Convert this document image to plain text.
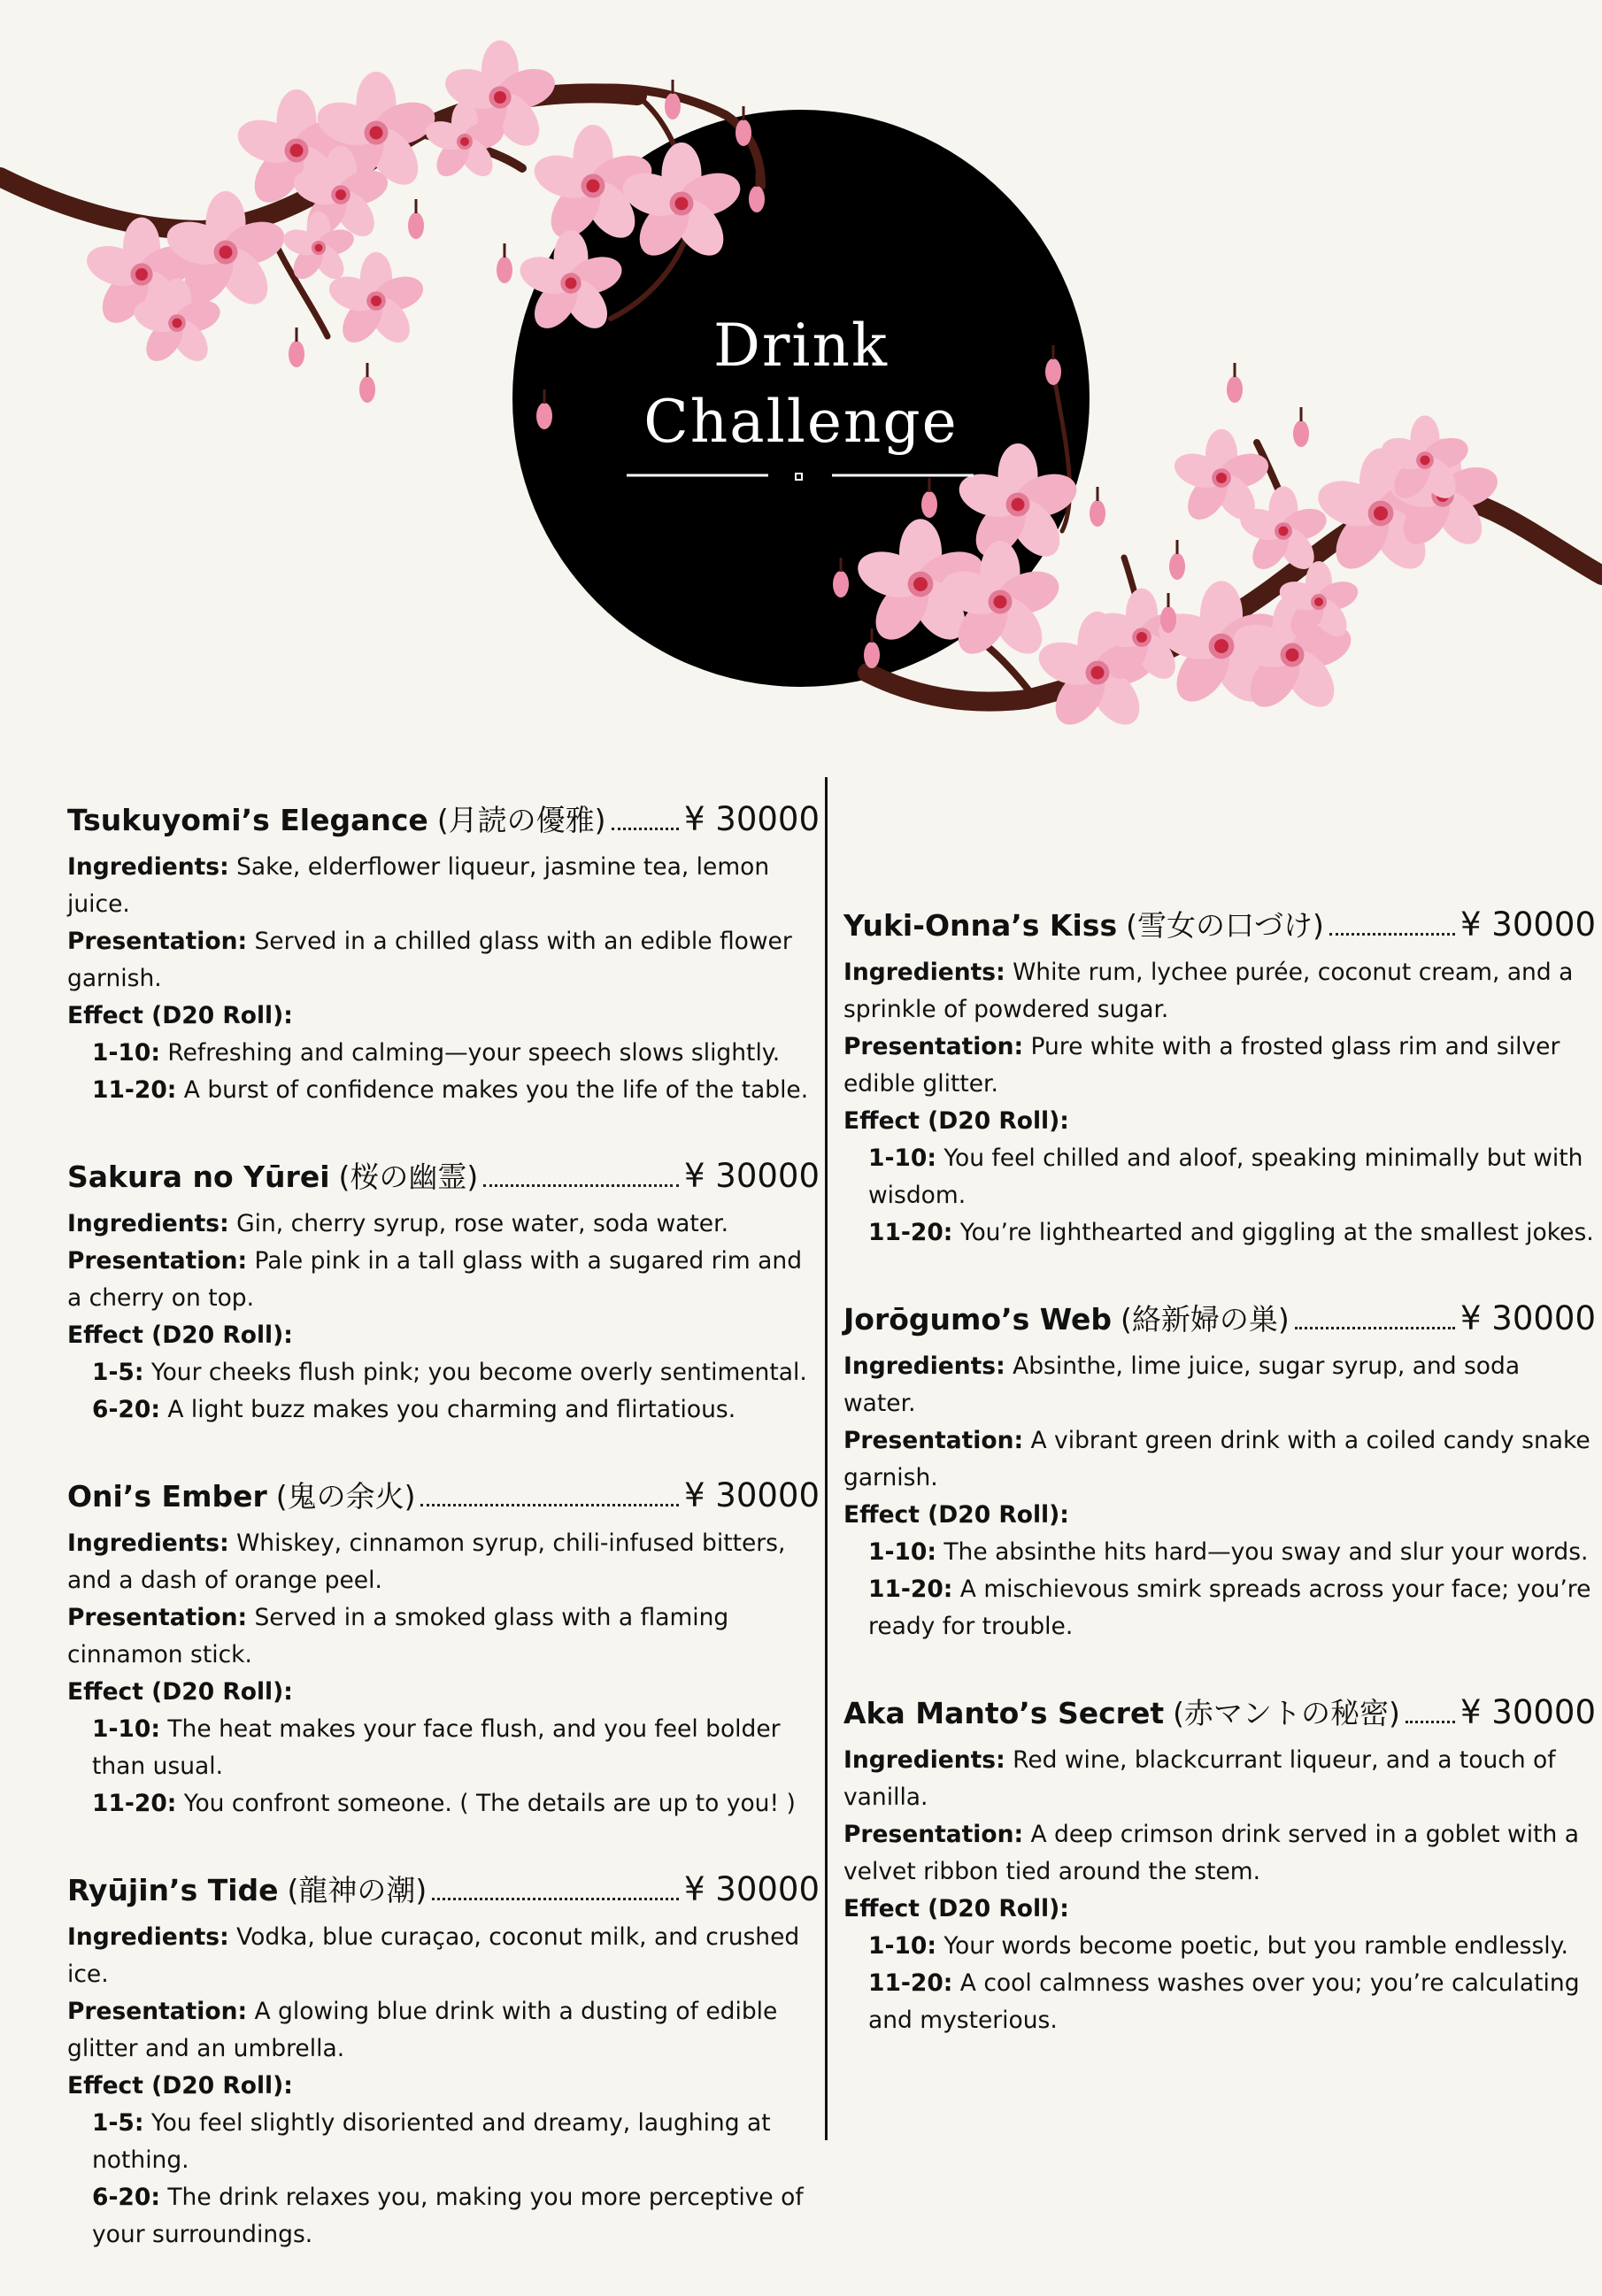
Drink
Challenge
Tsukuyomi’s Elegance (月読の優雅) ¥ 30000
Ingredients: Sake, elderflower liqueur, jasmine tea, lemon juice.
Presentation: Served in a chilled glass with an edible flower garnish.
Effect (D20 Roll):
1-10: Refreshing and calming—your speech slows slightly.
11-20: A burst of confidence makes you the life of the table.
Sakura no Yūrei (桜の幽霊)	¥ 30000
Ingredients: Gin, cherry syrup, rose water, soda water.
Presentation: Pale pink in a tall glass with a sugared rim and a cherry on top.
Effect (D20 Roll):
1-5: Your cheeks flush pink; you become overly sentimental.
6-20: A light buzz makes you charming and flirtatious.
Oni’s Ember (鬼の余火)	¥ 30000
Ingredients: Whiskey, cinnamon syrup, chili-infused bitters, and a dash of orange peel.
Presentation: Served in a smoked glass with a flaming cinnamon stick.
Effect (D20 Roll):
1-10: The heat makes your face flush, and you feel bolder than usual.
11-20: You confront someone. ( The details are up to you! )
Ryūjin’s Tide (龍神の潮)	¥ 30000
Ingredients: Vodka, blue curaçao, coconut milk, and crushed ice.
Presentation: A glowing blue drink with a dusting of edible glitter and an umbrella.
Effect (D20 Roll):
1-5: You feel slightly disoriented and dreamy, laughing at nothing.
6-20: The drink relaxes you, making you more perceptive of your surroundings.
Yuki-Onna’s Kiss (雪女の口づけ)	¥ 30000
Ingredients: White rum, lychee purée, coconut cream, and a sprinkle of powdered sugar.
Presentation: Pure white with a frosted glass rim and silver edible glitter.
Effect (D20 Roll):
1-10: You feel chilled and aloof, speaking minimally but with wisdom.
11-20: You’re lighthearted and giggling at the smallest jokes.
Jorōgumo’s Web (絡新婦の巣)	¥ 30000
Ingredients: Absinthe, lime juice, sugar syrup, and soda water.
Presentation: A vibrant green drink with a coiled candy snake garnish.
Effect (D20 Roll):
1-10: The absinthe hits hard—you sway and slur your words.
11-20: A mischievous smirk spreads across your face; you’re ready for trouble.
Aka Manto’s Secret (赤マントの秘密) ¥ 30000
Ingredients: Red wine, blackcurrant liqueur, and a touch of vanilla.
Presentation: A deep crimson drink served in a goblet with a velvet ribbon tied around the stem.
Effect (D20 Roll):
1-10: Your words become poetic, but you ramble endlessly.
11-20: A cool calmness washes over you; you’re calculating and mysterious.
